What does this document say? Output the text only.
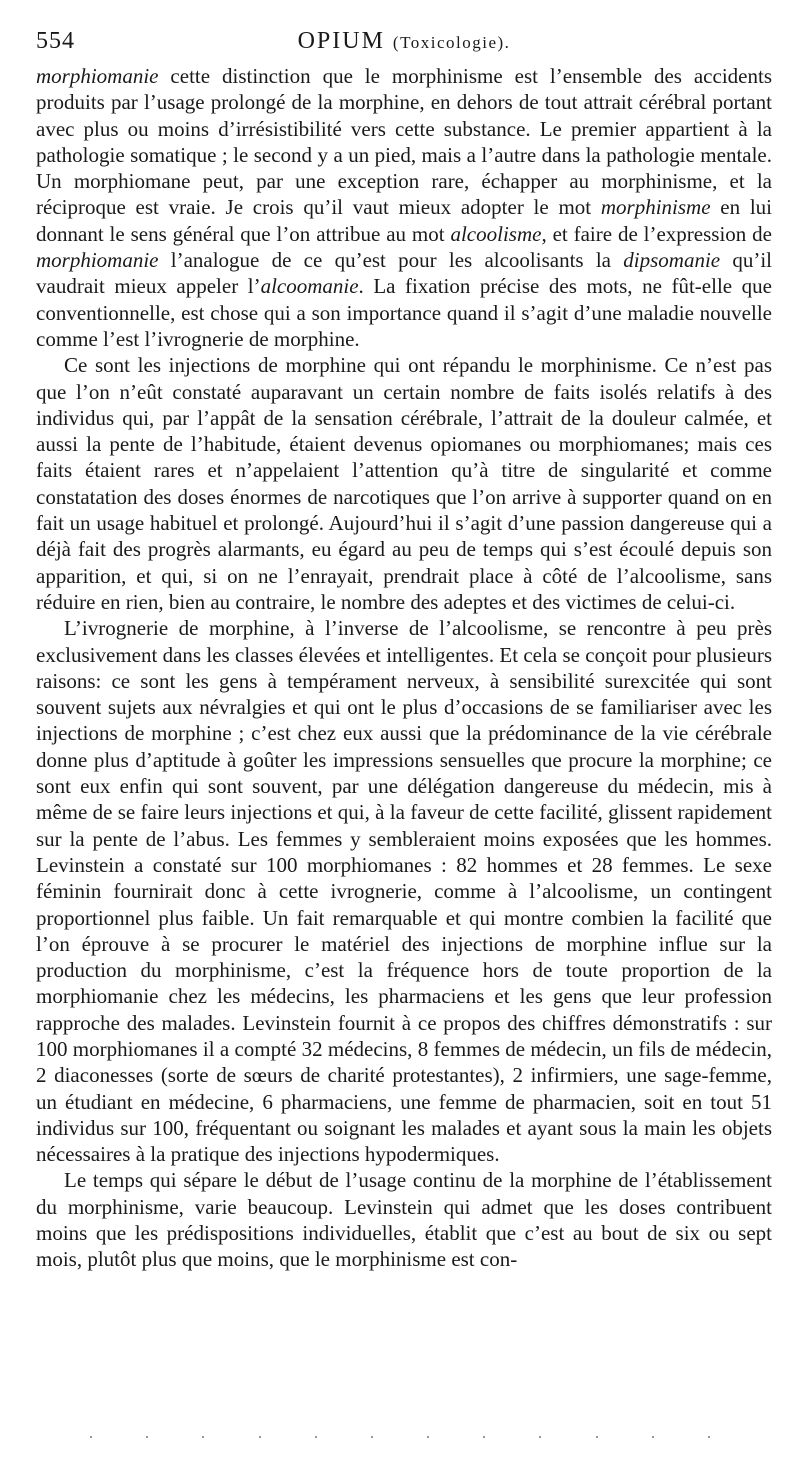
554	OPIUM (Toxicologie).

morphiomanie cette distinction que le morphinisme est l’ensemble des accidents produits par l’usage prolongé de la morphine, en dehors de tout attrait cérébral portant avec plus ou moins d’irrésistibilité vers cette substance. Le premier appartient à la pathologie somatique ; le second y a un pied, mais a l’autre dans la pathologie mentale. Un morphiomane peut, par une exception rare, échapper au morphinisme, et la réciproque est vraie. Je crois qu’il vaut mieux adopter le mot morphinisme en lui donnant le sens général que l’on attribue au mot alcoolisme, et faire de l’expression de morphiomanie l’analogue de ce qu’est pour les alcoolisants la dipsomanie qu’il vaudrait mieux appeler l’alcoomanie. La fixation précise des mots, ne fût-elle que conventionnelle, est chose qui a son importance quand il s’agit d’une maladie nouvelle comme l’est l’ivrognerie de morphine.

Ce sont les injections de morphine qui ont répandu le morphinisme. Ce n’est pas que l’on n’eût constaté auparavant un certain nombre de faits isolés relatifs à des individus qui, par l’appât de la sensation cérébrale, l’attrait de la douleur calmée, et aussi la pente de l’habitude, étaient devenus opiomanes ou morphiomanes; mais ces faits étaient rares et n’appelaient l’attention qu’à titre de singularité et comme constatation des doses énormes de narcotiques que l’on arrive à supporter quand on en fait un usage habituel et prolongé. Aujourd’hui il s’agit d’une passion dangereuse qui a déjà fait des progrès alarmants, eu égard au peu de temps qui s’est écoulé depuis son apparition, et qui, si on ne l’enrayait, prendrait place à côté de l’alcoolisme, sans réduire en rien, bien au contraire, le nombre des adeptes et des victimes de celui-ci.

L’ivrognerie de morphine, à l’inverse de l’alcoolisme, se rencontre à peu près exclusivement dans les classes élevées et intelligentes. Et cela se conçoit pour plusieurs raisons: ce sont les gens à tempérament nerveux, à sensibilité surexcitée qui sont souvent sujets aux névralgies et qui ont le plus d’occasions de se familiariser avec les injections de morphine ; c’est chez eux aussi que la prédominance de la vie cérébrale donne plus d’aptitude à goûter les impressions sensuelles que procure la morphine; ce sont eux enfin qui sont souvent, par une délégation dangereuse du médecin, mis à même de se faire leurs injections et qui, à la faveur de cette facilité, glissent rapidement sur la pente de l’abus. Les femmes y sembleraient moins exposées que les hommes. Levinstein a constaté sur 100 morphiomanes : 82 hommes et 28 femmes. Le sexe féminin fournirait donc à cette ivrognerie, comme à l’alcoolisme, un contingent proportionnel plus faible. Un fait remarquable et qui montre combien la facilité que l’on éprouve à se procurer le matériel des injections de morphine influe sur la production du morphinisme, c’est la fréquence hors de toute proportion de la morphiomanie chez les médecins, les pharmaciens et les gens que leur profession rapproche des malades. Levinstein fournit à ce propos des chiffres démonstratifs : sur 100 morphiomanes il a compté 32 médecins, 8 femmes de médecin, un fils de médecin, 2 diaconesses (sorte de sœurs de charité protestantes), 2 infirmiers, une sage-femme, un étudiant en médecine, 6 pharmaciens, une femme de pharmacien, soit en tout 51 individus sur 100, fréquentant ou soignant les malades et ayant sous la main les objets nécessaires à la pratique des injections hypodermiques.

Le temps qui sépare le début de l’usage continu de la morphine de l’établissement du morphinisme, varie beaucoup. Levinstein qui admet que les doses contribuent moins que les prédispositions individuelles, établit que c’est au bout de six ou sept mois, plutôt plus que moins, que le morphinisme est con-
